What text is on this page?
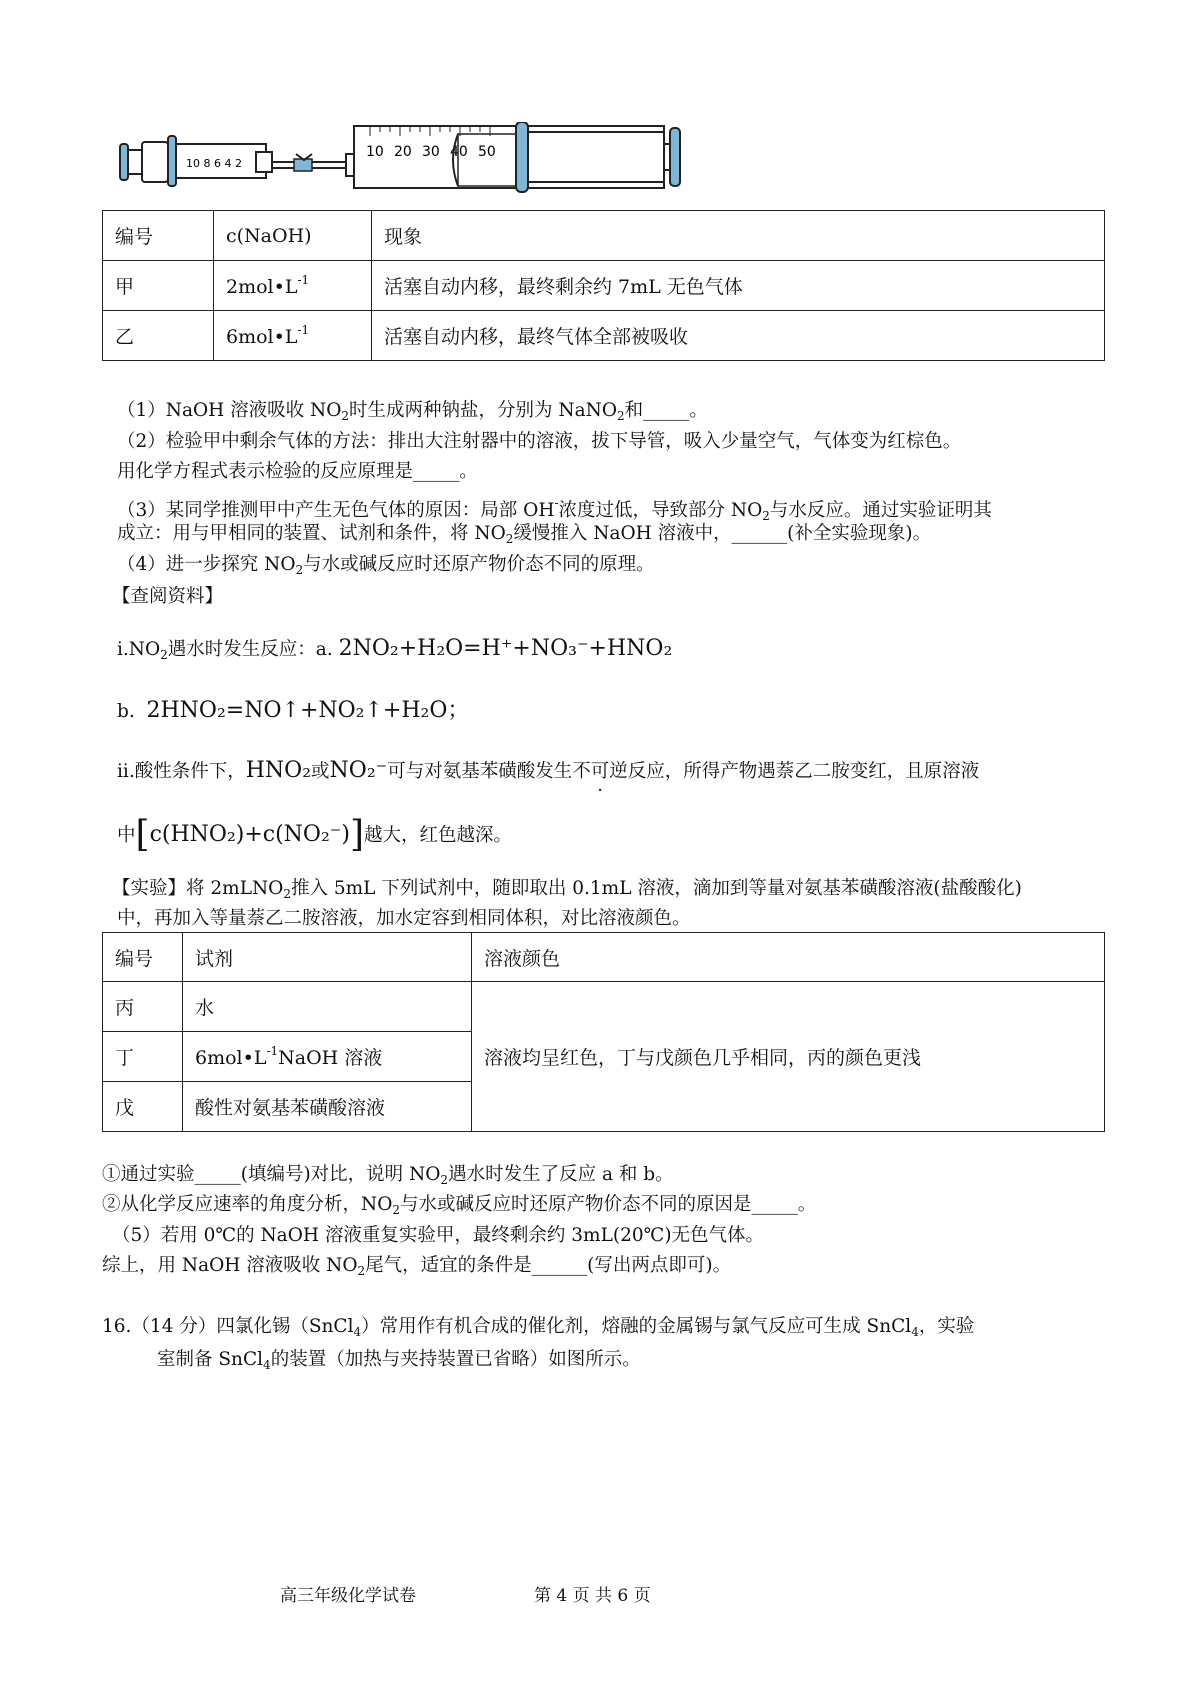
10 8 6 4 2
10 20 30 40 50
编号	c(NaOH)	现象
甲	$2mol•L^{-1}$	活塞自动内移，最终剩余约 7mL 无色气体
乙	$6mol•L^{-1}$	活塞自动内移，最终气体全部被吸收
（1）NaOH 溶液吸收 $NO_2$时生成两种钠盐，分别为 NaNO$_2$和_____。
（2）检验甲中剩余气体的方法：排出大注射器中的溶液，拔下导管，吸入少量空气，气体变为红棕色。
用化学方程式表示检验的反应原理是_____。
（3）某同学推测甲中产生无色气体的原因：局部 OH-浓度过低，导致部分 $NO_2$与水反应。通过实验证明其
成立：用与甲相同的装置、试剂和条件，将 $NO_2$缓慢推入 NaOH 溶液中，______(补全实验现象)。
（4）进一步探究 $NO_2$与水或碱反应时还原产物价态不同的原理。
【查阅资料】
$i.NO_2$遇水时发生反应：a. 2NO₂+H₂O=H⁺+NO₃⁻+HNO₂
b. 2HNO₂=NO↑+NO₂↑+H₂O；
ii.酸性条件下，HNO₂或NO₂⁻可与对氨基苯磺酸发生不可逆反应，所得产物遇萘乙二胺变红，且原溶液
中[c(HNO₂)+c(NO₂⁻)]越大，红色越深。
【实验】将 2mLNO$_2$推入 5mL 下列试剂中，随即取出 0.1mL 溶液，滴加到等量对氨基苯磺酸溶液(盐酸酸化)
中，再加入等量萘乙二胺溶液，加水定容到相同体积，对比溶液颜色。
编号	试剂	溶液颜色
丙	水	溶液均呈红色，丁与戊颜色几乎相同，丙的颜色更浅
丁	$6mol•L^{-1}NaOH$ 溶液	
戊	酸性对氨基苯磺酸溶液	
①通过实验_____(填编号)对比，说明 $NO_2$遇水时发生了反应 a 和 b。
②从化学反应速率的角度分析，$NO_2$与水或碱反应时还原产物价态不同的原因是_____。
（5）若用 0℃的 NaOH 溶液重复实验甲，最终剩余约 3mL(20℃)无色气体。
综上，用 NaOH 溶液吸收 $NO_2$尾气，适宜的条件是______(写出两点即可)。
16.（14 分）四氯化锡（SnCl$_4$）常用作有机合成的催化剂，熔融的金属锡与氯气反应可生成 SnCl$_4$，实验
室制备 SnCl$_4$的装置（加热与夹持装置已省略）如图所示。
高三年级化学试卷	第 4 页 共 6 页
